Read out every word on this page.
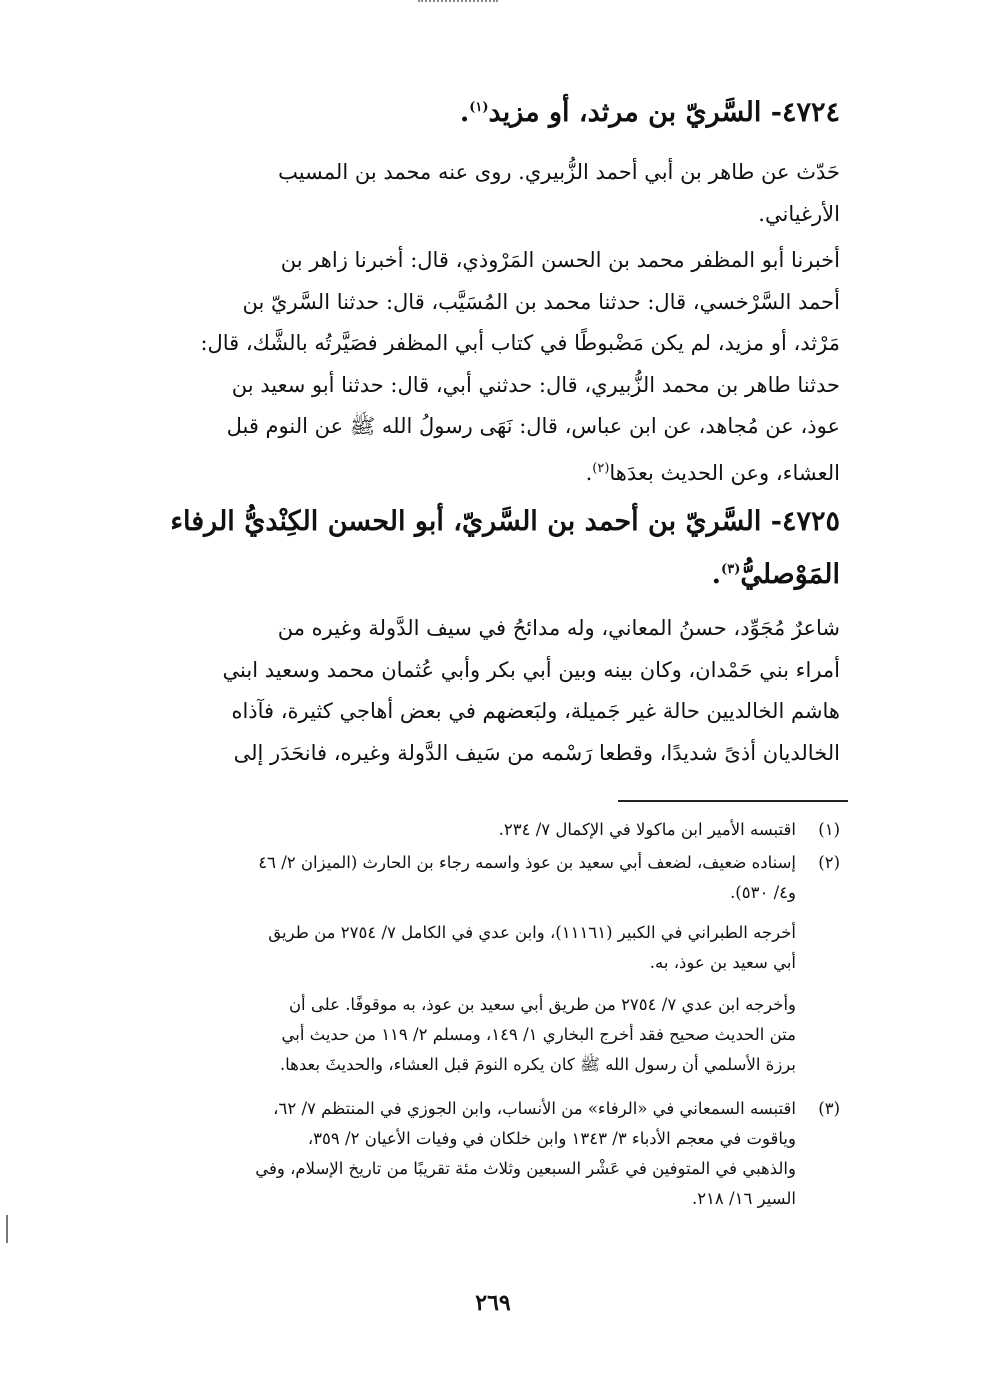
٤٧٢٤- السَّريّ بن مرثد، أو مزيد$^{(١)}$.
حَدّث عن طاهر بن أبي أحمد الزُّبيري. روى عنه محمد بن المسيب
الأرغياني.
أخبرنا أبو المظفر محمد بن الحسن المَرْوذي، قال: أخبرنا زاهر بن
أحمد السَّرْخسي، قال: حدثنا محمد بن المُسَيَّب، قال: حدثنا السَّريّ بن
مَرْثد، أو مزيد، لم يكن مَضْبوطًا في كتاب أبي المظفر فصَيَّرتُه بالشَّك، قال:
حدثنا طاهر بن محمد الزُّبيري، قال: حدثني أبي، قال: حدثنا أبو سعيد بن
عوذ، عن مُجاهد، عن ابن عباس، قال: نَهَى رسولُ الله ﷺ عن النوم قبل
العشاء، وعن الحديث بعدَها$^{(٢)}$.
٤٧٢٥- السَّريّ بن أحمد بن السَّريّ، أبو الحسن الكِنْديُّ الرفاء
المَوْصليُّ$^{(٣)}$.
شاعرٌ مُجَوِّد، حسنُ المعاني، وله مدائحُ في سيف الدَّولة وغيره من
أمراء بني حَمْدان، وكان بينه وبين أبي بكر وأبي عُثمان محمد وسعيد ابني
هاشم الخالديين حالة غير جَميلة، ولبَعضهم في بعض أهاجي كثيرة، فآذاه
الخالديان أذىً شديدًا، وقطعا رَسْمه من سَيف الدَّولة وغيره، فانحَدَر إلى
(١)
اقتبسه الأمير ابن ماكولا في الإكمال ٧/ ٢٣٤.
(٢)
إسناده ضعيف، لضعف أبي سعيد بن عوذ واسمه رجاء بن الحارث (الميزان ٢/ ٤٦
و٤/ ٥٣٠).
أخرجه الطبراني في الكبير (١١١٦١)، وابن عدي في الكامل ٧/ ٢٧٥٤ من طريق
أبي سعيد بن عوذ، به.
وأخرجه ابن عدي ٧/ ٢٧٥٤ من طريق أبي سعيد بن عوذ، به موقوفًا. على أن
متن الحديث صحيح فقد أخرج البخاري ١/ ١٤٩، ومسلم ٢/ ١١٩ من حديث أبي
برزة الأسلمي أن رسول الله ﷺ كان يكره النومَ قبل العشاء، والحديثَ بعدها.
(٣)
اقتبسه السمعاني في «الرفاء» من الأنساب، وابن الجوزي في المنتظم ٧/ ٦٢،
وياقوت في معجم الأدباء ٣/ ١٣٤٣ وابن خلكان في وفيات الأعيان ٢/ ٣٥٩،
والذهبي في المتوفين في عَشْر السبعين وثلاث مئة تقريبًا من تاريخ الإسلام، وفي
السير ١٦/ ٢١٨.
٢٦٩
